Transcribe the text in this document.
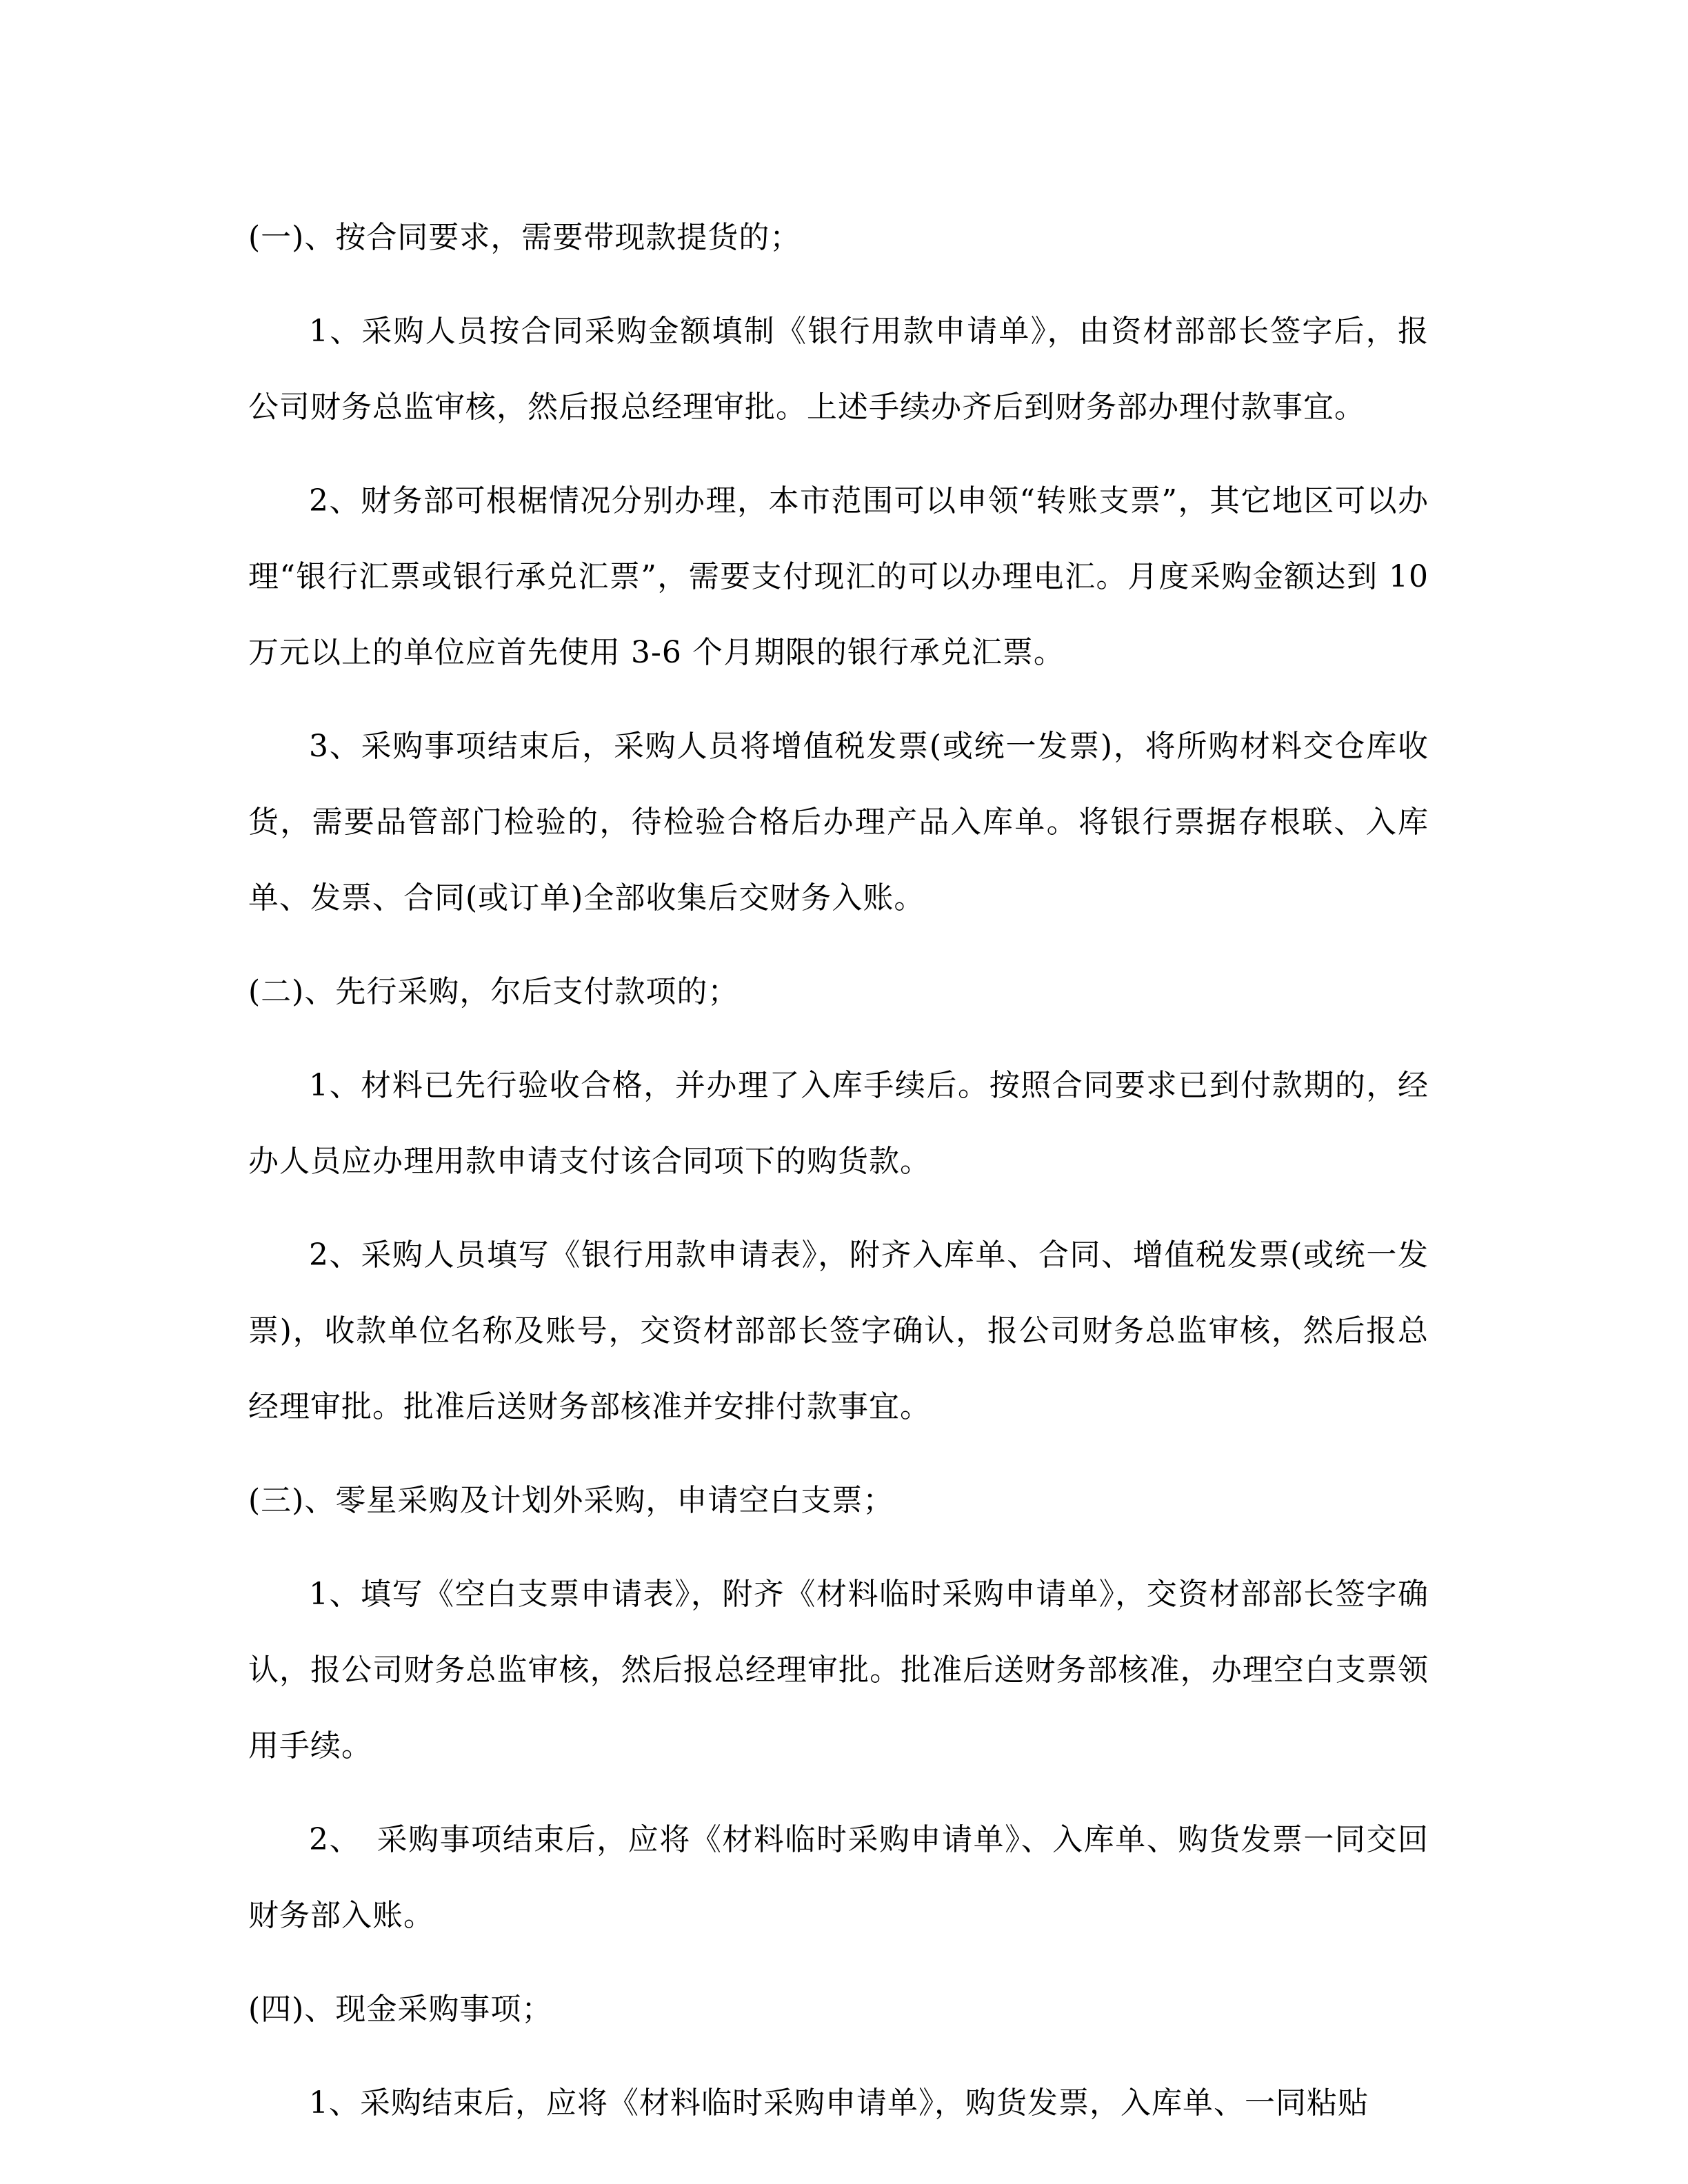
(一)、按合同要求，需要带现款提货的；

1、采购人员按合同采购金额填制《银行用款申请单》，由资材部部长签字后，报公司财务总监审核，然后报总经理审批。上述手续办齐后到财务部办理付款事宜。

2、财务部可根椐情况分别办理，本市范围可以申领“转账支票”，其它地区可以办理“银行汇票或银行承兑汇票”，需要支付现汇的可以办理电汇。月度采购金额达到 10 万元以上的单位应首先使用 3-6 个月期限的银行承兑汇票。

3、采购事项结束后，采购人员将增值税发票(或统一发票)，将所购材料交仓库收货，需要品管部门检验的，待检验合格后办理产品入库单。将银行票据存根联、入库单、发票、合同(或订单)全部收集后交财务入账。

(二)、先行采购，尔后支付款项的；

1、材料已先行验收合格，并办理了入库手续后。按照合同要求已到付款期的，经办人员应办理用款申请支付该合同项下的购货款。

2、采购人员填写《银行用款申请表》，附齐入库单、合同、增值税发票(或统一发票)，收款单位名称及账号，交资材部部长签字确认，报公司财务总监审核，然后报总经理审批。批准后送财务部核准并安排付款事宜。

(三)、零星采购及计划外采购，申请空白支票；

1、填写《空白支票申请表》，附齐《材料临时采购申请单》，交资材部部长签字确认，报公司财务总监审核，然后报总经理审批。批准后送财务部核准，办理空白支票领用手续。

2、　采购事项结束后，应将《材料临时采购申请单》、入库单、购货发票一同交回财务部入账。

(四)、现金采购事项；

1、采购结束后，应将《材料临时采购申请单》，购货发票，入库单、一同粘贴
